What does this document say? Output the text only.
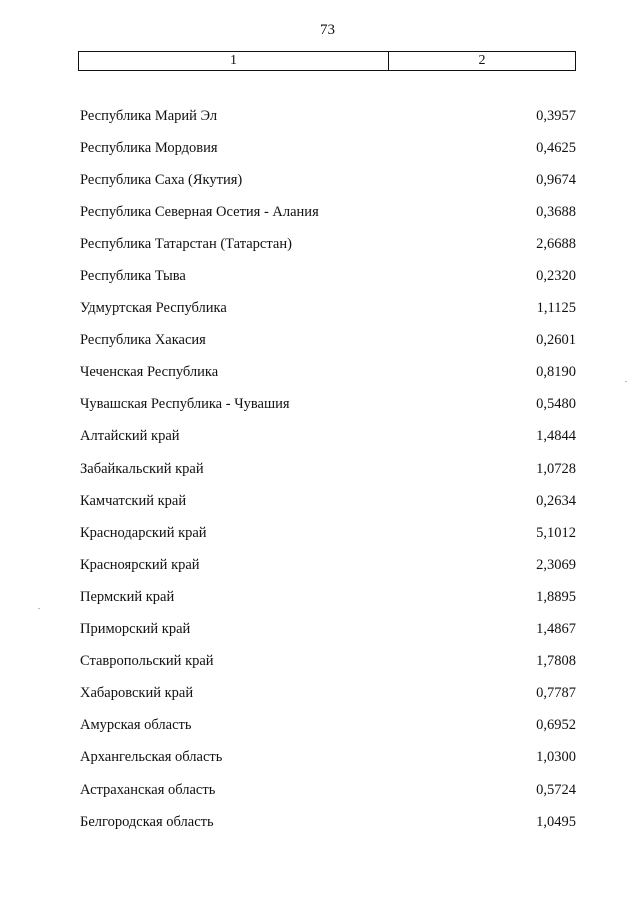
73
1	2
Республика Марий Эл	0,3957
Республика Мордовия	0,4625
Республика Саха (Якутия)	0,9674
Республика Северная Осетия - Алания	0,3688
Республика Татарстан (Татарстан)	2,6688
Республика Тыва	0,2320
Удмуртская Республика	1,1125
Республика Хакасия	0,2601
Чеченская Республика	0,8190
Чувашская Республика - Чувашия	0,5480
Алтайский край	1,4844
Забайкальский край	1,0728
Камчатский край	0,2634
Краснодарский край	5,1012
Красноярский край	2,3069
Пермский край	1,8895
Приморский край	1,4867
Ставропольский край	1,7808
Хабаровский край	0,7787
Амурская область	0,6952
Архангельская область	1,0300
Астраханская область	0,5724
Белгородская область	1,0495
